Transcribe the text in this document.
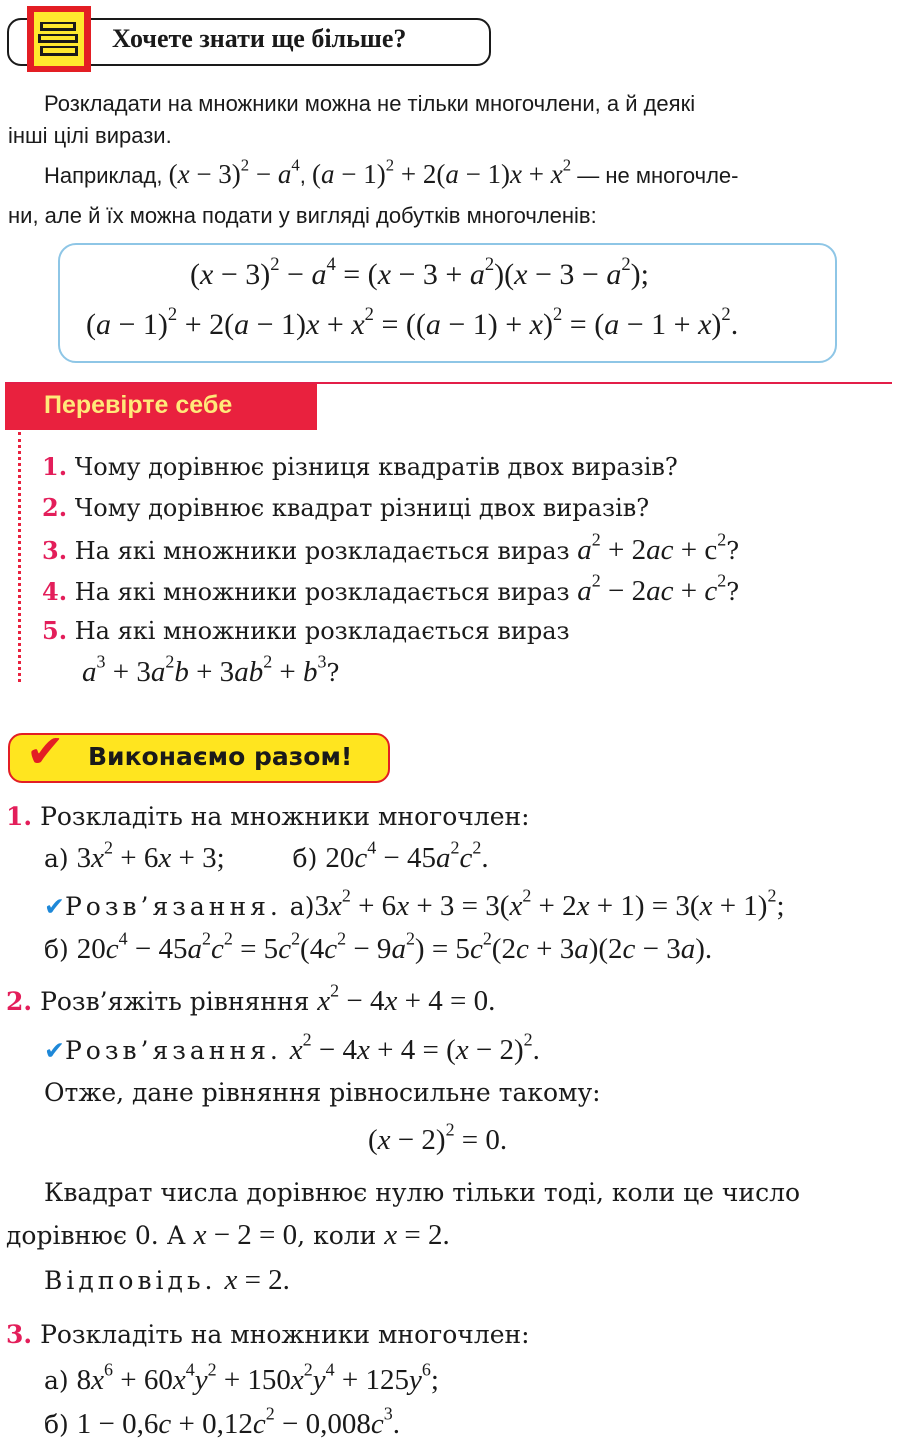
Хочете знати ще більше?
Розкладати на множники можна не тільки многочлени, а й деякі
інші цілі вирази.
Наприклад, $(x - 3)^2 - a^4$, $(a - 1)^2 + 2(a - 1)x + x^2$ — не многочле-
ни, але й їх можна подати у вигляді добутків многочленів:
$(x - 3)^2 - a^4 = (x - 3 + a^2)(x - 3 - a^2)$;
$(a - 1)^2 + 2(a - 1)x + x^2 = ((a - 1) + x)^2 = (a - 1 + x)^2$.
Перевірте себе
1. Чому дорівнює різниця квадратів двох виразів?
2. Чому дорівнює квадрат різниці двох виразів?
3. На які множники розкладається вираз $a^2 + 2ac + c^2$?
4. На які множники розкладається вираз $a^2 - 2ac + c^2$?
5. На які множники розкладається вираз
$a^3 + 3a^2b + 3ab^2 + b^3$?
✔ Виконаємо разом!
1. Розкладіть на множники многочлен:
а) $3x^2 + 6x + 3$;	б) $20c^4 - 45a^2c^2$.
✔Розв’язання. $а)3x^2 + 6x + 3 = 3(x^2 + 2x + 1) = 3(x + 1)^2$;
б) $20c^4 - 45a^2c^2 = 5c^2(4c^2 - 9a^2) = 5c^2(2c + 3a)(2c - 3a)$.
2. Розв’яжіть рівняння $x^2 - 4x + 4 = 0$.
✔Розв’язання. $x^2 - 4x + 4 = (x - 2)^2$.
Отже, дане рівняння рівносильне такому:
$(x - 2)^2 = 0$.
Квадрат числа дорівнює нулю тільки тоді, коли це число
дорівнює 0. А x − 2 = 0, коли x = 2.
Відповідь. x = 2.
3. Розкладіть на множники многочлен:
а) $8x^6 + 60x^4y^2 + 150x^2y^4 + 125y^6$;
б) $1 - 0,6c + 0,12c^2 - 0,008c^3$.
